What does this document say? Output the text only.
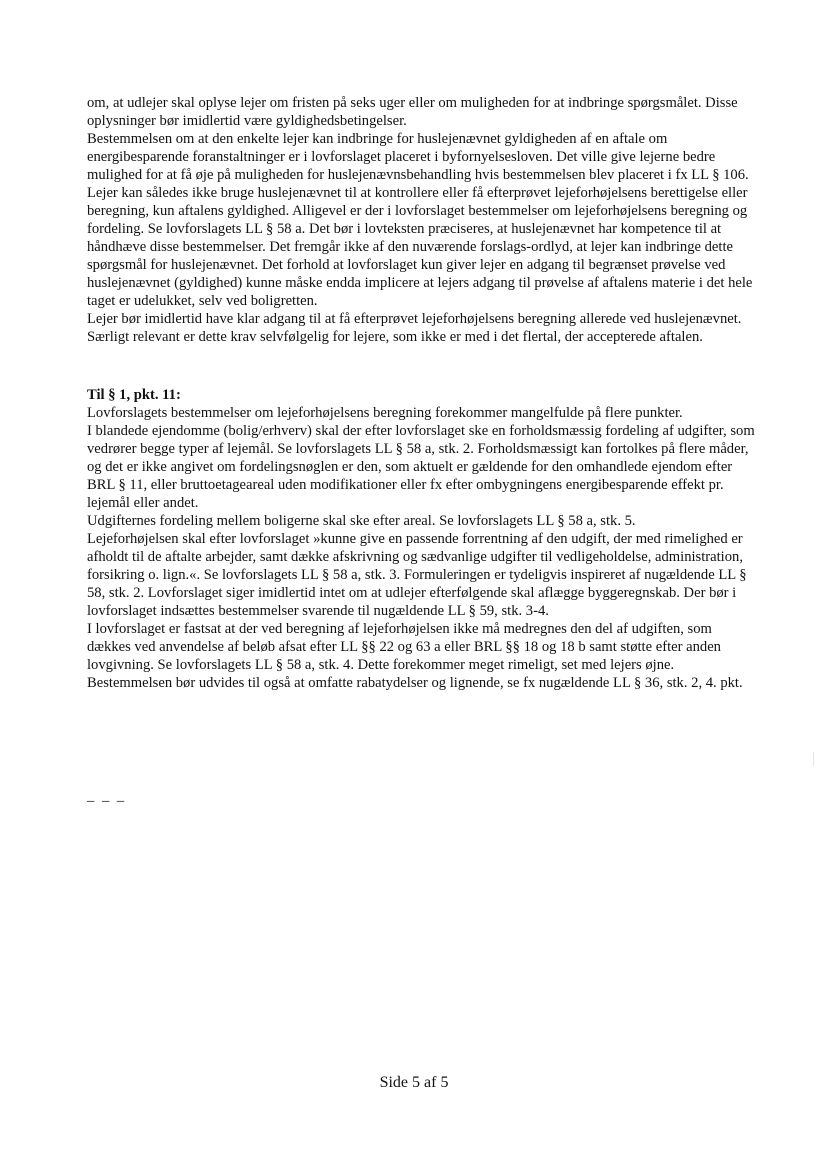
om, at udlejer skal oplyse lejer om fristen på seks uger eller om muligheden for at indbringe spørgsmålet. Disse oplysninger bør imidlertid være gyldighedsbetingelser.

Bestemmelsen om at den enkelte lejer kan indbringe for huslejenævnet gyldigheden af en aftale om energibesparende foranstaltninger er i lovforslaget placeret i byfornyelsesloven. Det ville give lejerne bedre mulighed for at få øje på muligheden for huslejenævnsbehandling hvis bestemmelsen blev placeret i fx LL § 106.

Lejer kan således ikke bruge huslejenævnet til at kontrollere eller få efterprøvet lejeforhøjelsens berettigelse eller beregning, kun aftalens gyldighed. Alligevel er der i lovforslaget bestemmelser om lejeforhøjelsens beregning og fordeling. Se lovforslagets LL § 58 a. Det bør i lovteksten præciseres, at huslejenævnet har kompetence til at håndhæve disse bestemmelser. Det fremgår ikke af den nuværende forslags-ordlyd, at lejer kan indbringe dette spørgsmål for huslejenævnet. Det forhold at lovforslaget kun giver lejer en adgang til begrænset prøvelse ved huslejenævnet (gyldighed) kunne måske endda implicere at lejers adgang til prøvelse af aftalens materie i det hele taget er udelukket, selv ved boligretten.

Lejer bør imidlertid have klar adgang til at få efterprøvet lejeforhøjelsens beregning allerede ved huslejenævnet. Særligt relevant er dette krav selvfølgelig for lejere, som ikke er med i det flertal, der accepterede aftalen.

Til § 1, pkt. 11:

Lovforslagets bestemmelser om lejeforhøjelsens beregning forekommer mangelfulde på flere punkter.

I blandede ejendomme (bolig/erhverv) skal der efter lovforslaget ske en forholdsmæssig fordeling af udgifter, som vedrører begge typer af lejemål. Se lovforslagets LL § 58 a, stk. 2. Forholdsmæssigt kan fortolkes på flere måder, og det er ikke angivet om fordelingsnøglen er den, som aktuelt er gældende for den omhandlede ejendom efter BRL § 11, eller bruttoetageareal uden modifikationer eller fx efter ombygningens energibesparende effekt pr. lejemål eller andet.

Udgifternes fordeling mellem boligerne skal ske efter areal. Se lovforslagets LL § 58 a, stk. 5.

Lejeforhøjelsen skal efter lovforslaget »kunne give en passende forrentning af den udgift, der med rimelighed er afholdt til de aftalte arbejder, samt dække afskrivning og sædvanlige udgifter til vedligeholdelse, administration, forsikring o. lign.«. Se lovforslagets LL § 58 a, stk. 3. Formuleringen er tydeligvis inspireret af nugældende LL § 58, stk. 2. Lovforslaget siger imidlertid intet om at udlejer efterfølgende skal aflægge byggeregnskab. Der bør i lovforslaget indsættes bestemmelser svarende til nugældende LL § 59, stk. 3-4.

I lovforslaget er fastsat at der ved beregning af lejeforhøjelsen ikke må medregnes den del af udgiften, som dækkes ved anvendelse af beløb afsat efter LL §§ 22 og 63 a eller BRL §§ 18 og 18 b samt støtte efter anden lovgivning. Se lovforslagets LL § 58 a, stk. 4. Dette forekommer meget rimeligt, set med lejers øjne. Bestemmelsen bør udvides til også at omfatte rabatydelser og lignende, se fx nugældende LL § 36, stk. 2, 4. pkt.

– – –
Side 5 af 5
